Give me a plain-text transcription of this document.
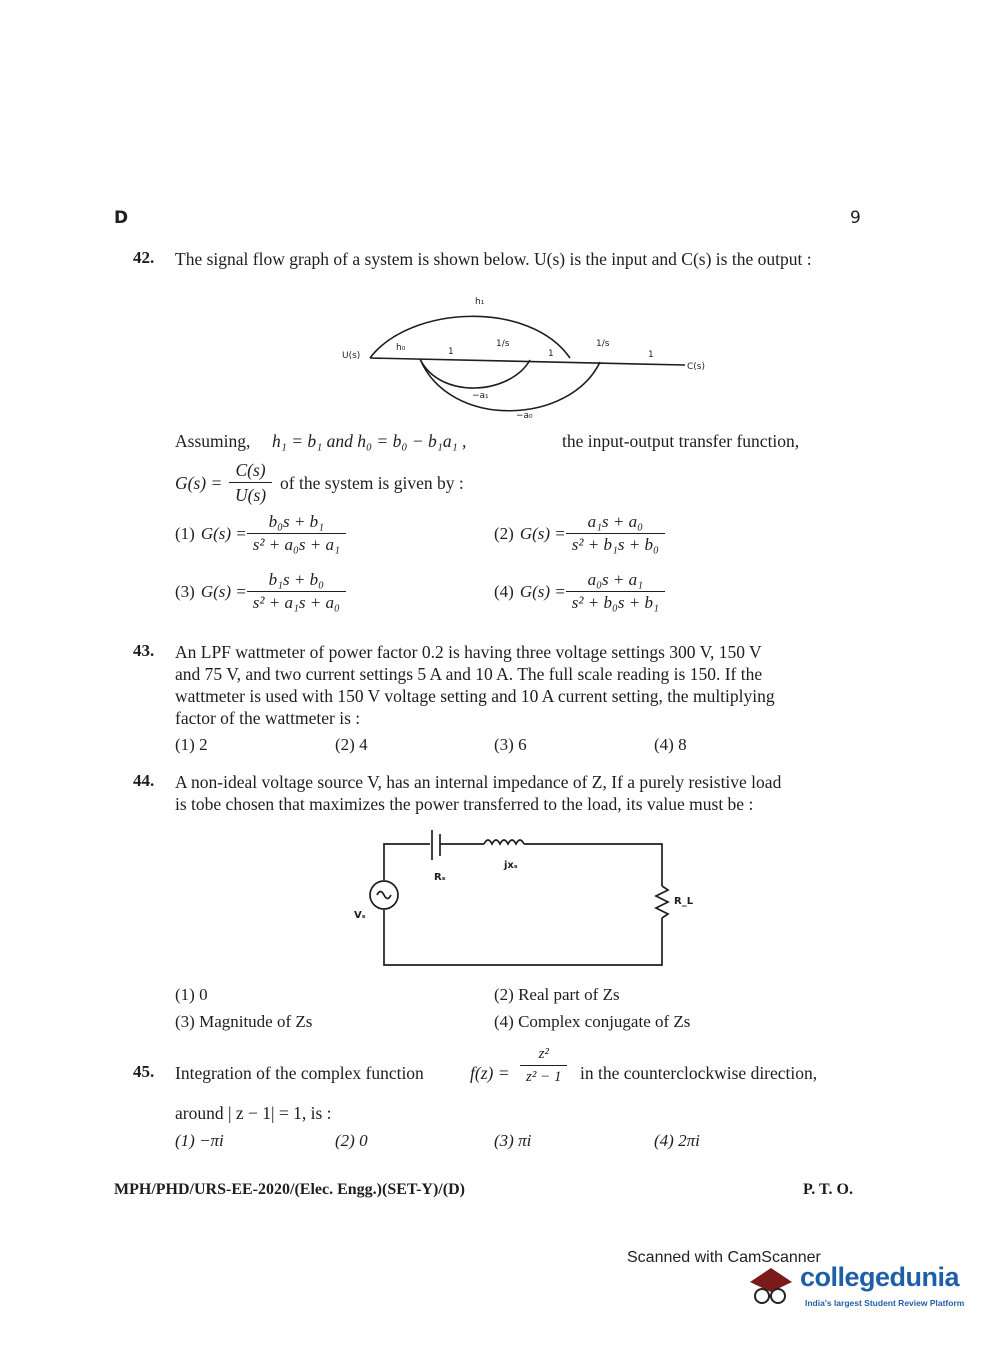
D	9
42. The signal flow graph of a system is shown below. U(s) is the input and C(s) is the output :
U(s)
C(s)
h₀
h₁
1
1/s
1
1/s
1
−a₁
−a₀
Assuming, h₁ = b₁ and h₀ = b₀ − b₁a₁ ,	the input-output transfer function,
$G(s) = \frac{C(s)}{U(s)}$ of the system is given by :
(1) $G(s) = \frac{\text{b₀s + b₁}}{\text{s² + a₀s + a₁}}$	(2) $G(s) = \frac{\text{a₁s + a₀}}{\text{s² + b₁s + b₀}}$
(3) $G(s) = \frac{\text{b₁s + b₀}}{\text{s² + a₁s + a₀}}$	(4) $G(s) = \frac{\text{a₀s + a₁}}{\text{s² + b₀s + b₁}}$
43. An LPF wattmeter of power factor 0.2 is having three voltage settings 300 V, 150 V
and 75 V, and two current settings 5 A and 10 A. The full scale reading is 150. If the
wattmeter is used with 150 V voltage setting and 10 A current setting, the multiplying
factor of the wattmeter is :
(1) 2	(2) 4	(3) 6	(4) 8
44. A non-ideal voltage source V, has an internal impedance of Z, If a purely resistive load
is tobe chosen that maximizes the power transferred to the load, its value must be :
Rₛ
jxₛ
Vₛ
R_L
(1) 0	(2) Real part of Zs
(3) Magnitude of Zs	(4) Complex conjugate of Zs
45. Integration of the complex function	$f(z) = \frac{\text{z²}}{\text{z² − 1}}$ in the counterclockwise direction,
around | z − 1| = 1, is :
(1) −πi	(2) 0	(3) πi	(4) 2πi
MPH/PHD/URS-EE-2020/(Elec. Engg.)(SET-Y)/(D)	P. T. O.
Scanned with CamScanner
collegedunia
India's largest Student Review Platform
